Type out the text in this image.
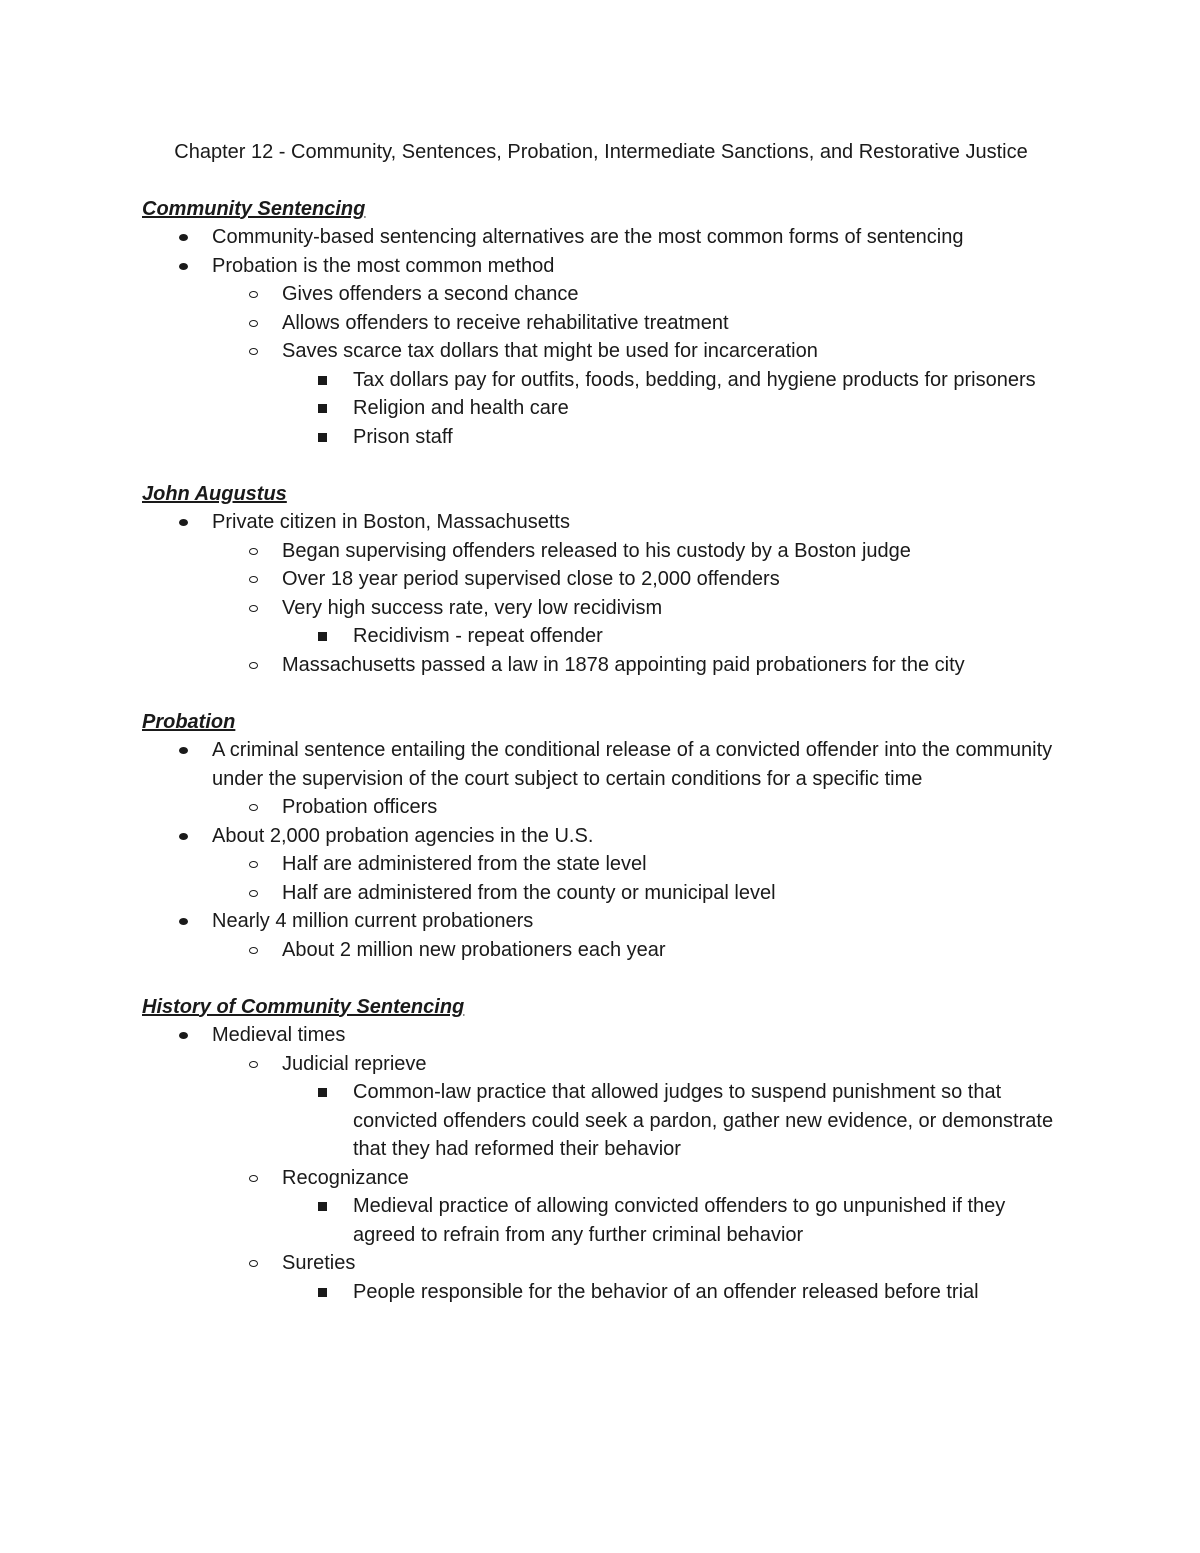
Chapter 12 - Community, Sentences, Probation, Intermediate Sanctions, and Restorative Justice
Community Sentencing
Community-based sentencing alternatives are the most common forms of sentencing
Probation is the most common method
Gives offenders a second chance
Allows offenders to receive rehabilitative treatment
Saves scarce tax dollars that might be used for incarceration
Tax dollars pay for outfits, foods, bedding, and hygiene products for prisoners
Religion and health care
Prison staff
John Augustus
Private citizen in Boston, Massachusetts
Began supervising offenders released to his custody by a Boston judge
Over 18 year period supervised close to 2,000 offenders
Very high success rate, very low recidivism
Recidivism - repeat offender
Massachusetts passed a law in 1878 appointing paid probationers for the city
Probation
A criminal sentence entailing the conditional release of a convicted offender into the community under the supervision of the court subject to certain conditions for a specific time
Probation officers
About 2,000 probation agencies in the U.S.
Half are administered from the state level
Half are administered from the county or municipal level
Nearly 4 million current probationers
About 2 million new probationers each year
History of Community Sentencing
Medieval times
Judicial reprieve
Common-law practice that allowed judges to suspend punishment so that convicted offenders could seek a pardon, gather new evidence, or demonstrate that they had reformed their behavior
Recognizance
Medieval practice of allowing convicted offenders to go unpunished if they agreed to refrain from any further criminal behavior
Sureties
People responsible for the behavior of an offender released before trial
